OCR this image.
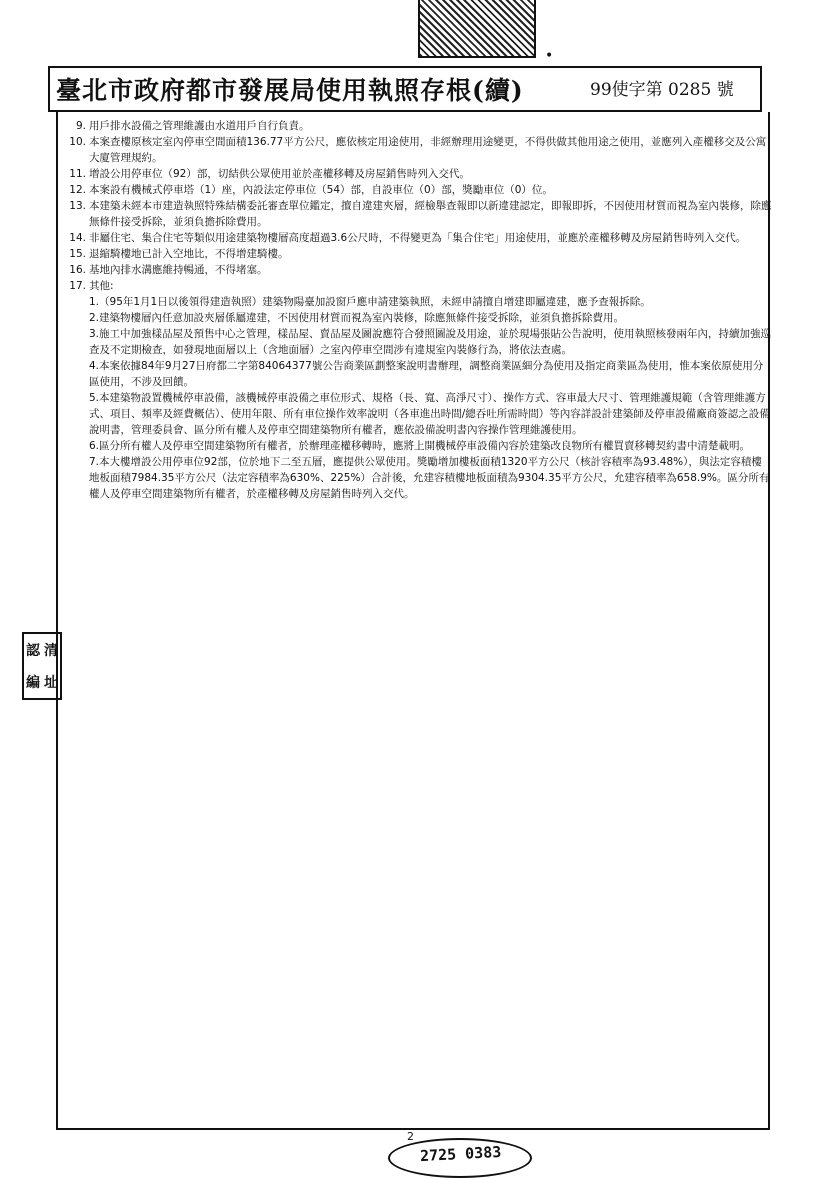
•
臺北市政府都市發展局使用執照存根(續)	99使字第 0285 號
9. 用戶排水設備之管理維護由水道用戶自行負責。
10. 本案查樓原核定室內停車空間面積136.77平方公尺，應依核定用途使用，非經辦理用途變更，不得供做其他用途之使用，並應列入產權移交及公寓大廈管理規約。
11. 增設公用停車位（92）部，切結供公眾使用並於產權移轉及房屋銷售時列入交代。
12. 本案設有機械式停車塔（1）座，內設法定停車位（54）部，自設車位（0）部，獎勵車位（0）位。
13. 本建築未經本市建造執照特殊結構委託審查單位鑑定，擅自違建夾層，經檢舉查報即以新違建認定，即報即拆，不因使用材質而視為室內裝修，除應無條件接受拆除，並須負擔拆除費用。
14. 非屬住宅、集合住宅等類似用途建築物樓層高度超過3.6公尺時，不得變更為「集合住宅」用途使用，並應於產權移轉及房屋銷售時列入交代。
15. 退縮騎樓地已計入空地比，不得增建騎樓。
16. 基地內排水溝應維持暢通，不得堵塞。
17. 其他:
1.（95年1月1日以後領得建造執照）建築物陽臺加設窗戶應申請建築執照，未經申請擅自增建即屬違建，應予查報拆除。
2.建築物樓層內任意加設夾層係屬違建，不因使用材質而視為室內裝修，除應無條件接受拆除，並須負擔拆除費用。
3.施工中加強樣品屋及預售中心之管理，樣品屋、賣品屋及圖說應符合發照圖說及用途，並於現場張貼公告說明，使用執照核發兩年內，持續加強巡查及不定期檢查，如發現地面層以上（含地面層）之室內停車空間涉有違規室內裝修行為，將依法查處。
4.本案依據84年9月27日府都二字第84064377號公告商業區劃整案說明書辦理，調整商業區細分為使用及指定商業區為使用，惟本案依原使用分區使用，不涉及回饋。
5.本建築物設置機械停車設備，該機械停車設備之車位形式、規格（長、寬、高淨尺寸）、操作方式、容車最大尺寸、管理維護規範（含管理維護方式、項目、頻率及經費概估）、使用年限、所有車位操作效率說明（各車進出時間/總吞吐所需時間）等內容詳設計建築師及停車設備廠商簽認之設備說明書，管理委員會、區分所有權人及停車空間建築物所有權者，應依設備說明書內容操作管理維護使用。
6.區分所有權人及停車空間建築物所有權者，於辦理產權移轉時，應將上開機械停車設備內容於建築改良物所有權買賣移轉契約書中清楚載明。
7.本大樓增設公用停車位92部，位於地下二至五層，應提供公眾使用。獎勵增加樓板面積1320平方公尺（核計容積率為93.48%），與法定容積樓地板面積7984.35平方公尺（法定容積率為630%、225%）合計後，允建容積樓地板面積為9304.35平方公尺，允建容積率為658.9%。區分所有權人及停車空間建築物所有權者，於產權移轉及房屋銷售時列入交代。
認 清
編 址
2
2725 0383
